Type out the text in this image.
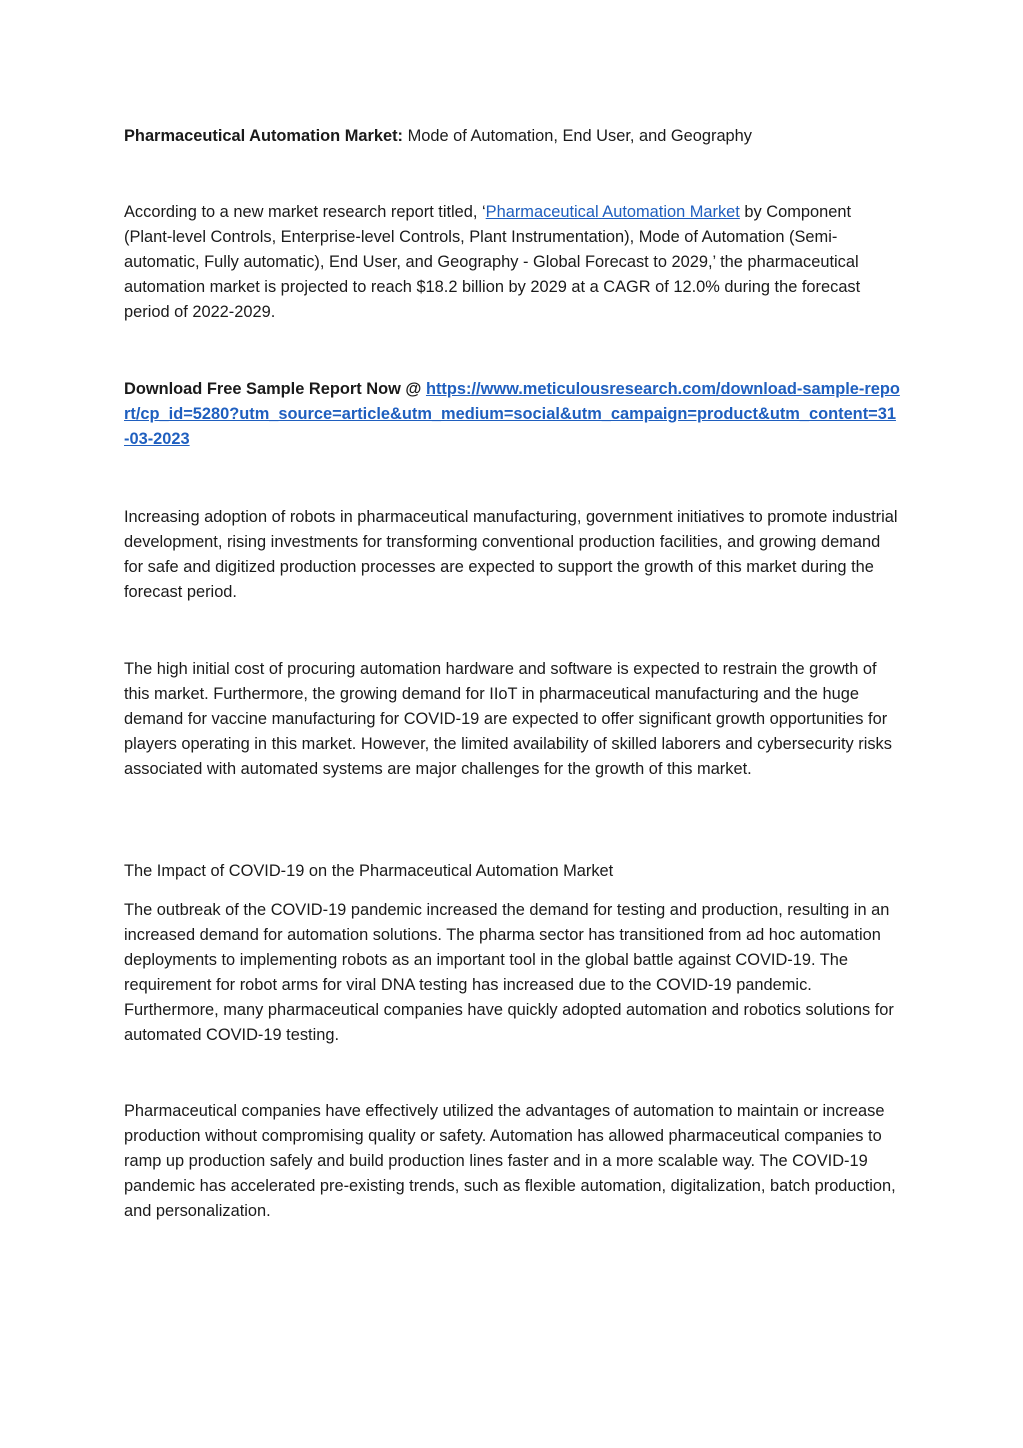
Pharmaceutical Automation Market: Mode of Automation, End User, and Geography

According to a new market research report titled, ‘Pharmaceutical Automation Market by Component (Plant-level Controls, Enterprise-level Controls, Plant Instrumentation), Mode of Automation (Semi-automatic, Fully automatic), End User, and Geography - Global Forecast to 2029,’ the pharmaceutical automation market is projected to reach $18.2 billion by 2029 at a CAGR of 12.0% during the forecast period of 2022-2029.

Download Free Sample Report Now @ https://www.meticulousresearch.com/download-sample-report/cp_id=5280?utm_source=article&utm_medium=social&utm_campaign=product&utm_content=31-03-2023

Increasing adoption of robots in pharmaceutical manufacturing, government initiatives to promote industrial development, rising investments for transforming conventional production facilities, and growing demand for safe and digitized production processes are expected to support the growth of this market during the forecast period.

The high initial cost of procuring automation hardware and software is expected to restrain the growth of this market. Furthermore, the growing demand for IIoT in pharmaceutical manufacturing and the huge demand for vaccine manufacturing for COVID-19 are expected to offer significant growth opportunities for players operating in this market. However, the limited availability of skilled laborers and cybersecurity risks associated with automated systems are major challenges for the growth of this market.

The Impact of COVID-19 on the Pharmaceutical Automation Market

The outbreak of the COVID-19 pandemic increased the demand for testing and production, resulting in an increased demand for automation solutions. The pharma sector has transitioned from ad hoc automation deployments to implementing robots as an important tool in the global battle against COVID-19. The requirement for robot arms for viral DNA testing has increased due to the COVID-19 pandemic. Furthermore, many pharmaceutical companies have quickly adopted automation and robotics solutions for automated COVID-19 testing.

Pharmaceutical companies have effectively utilized the advantages of automation to maintain or increase production without compromising quality or safety. Automation has allowed pharmaceutical companies to ramp up production safely and build production lines faster and in a more scalable way. The COVID-19 pandemic has accelerated pre-existing trends, such as flexible automation, digitalization, batch production, and personalization.
